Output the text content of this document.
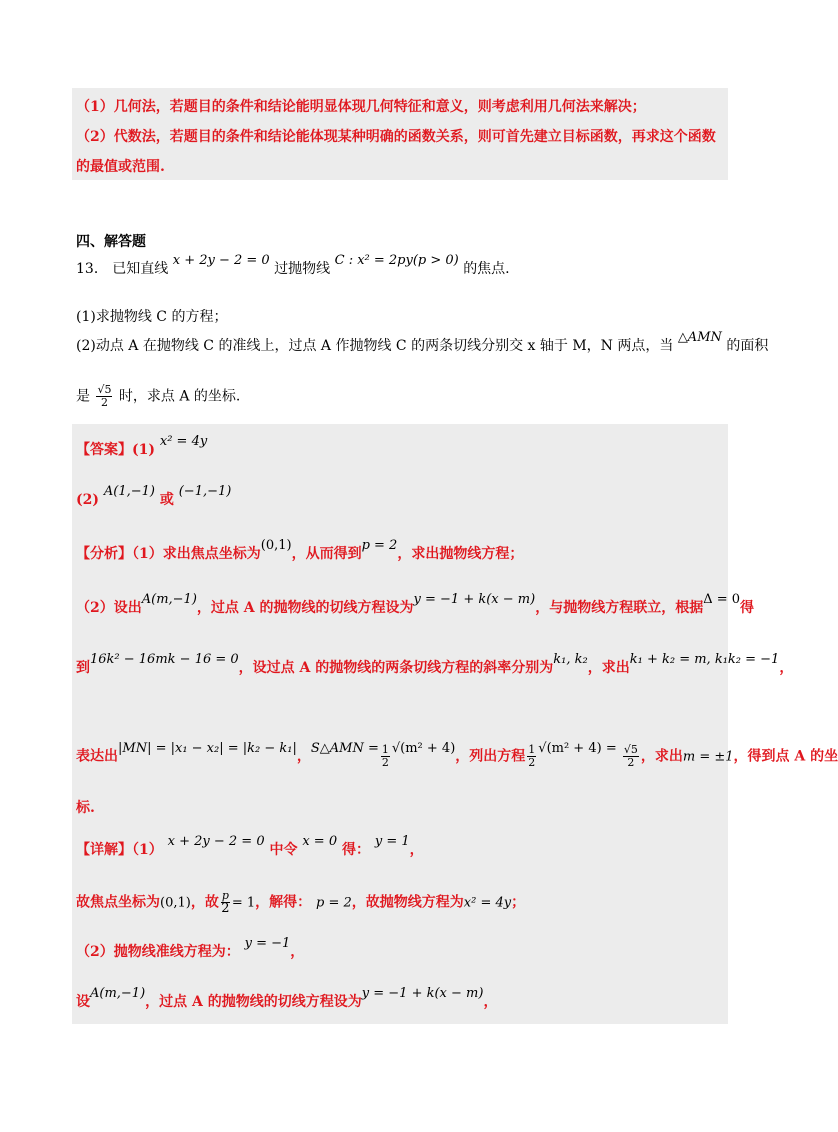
（1）几何法，若题目的条件和结论能明显体现几何特征和意义，则考虑利用几何法来解决；
（2）代数法，若题目的条件和结论能体现某种明确的函数关系，则可首先建立目标函数，再求这个函数
的最值或范围.
四、解答题
13． 已知直线 x + 2y − 2 = 0 过抛物线 C : x² = 2py(p > 0) 的焦点.
(1)求抛物线 C 的方程；
(2)动点 A 在抛物线 C 的准线上，过点 A 作抛物线 C 的两条切线分别交 x 轴于 M，N 两点，当 △AMN 的面积
是 $\frac{√5}{2}$ 时，求点 A 的坐标.
【答案】(1) x² = 4y
(2) A(1,−1) 或 (−1,−1)
【分析】（1）求出焦点坐标为(0,1)，从而得到p = 2，求出抛物线方程；
（2）设出A(m,−1)，过点 A 的抛物线的切线方程设为y = −1 + k(x − m)，与抛物线方程联立，根据Δ = 0得
到16k² − 16mk − 16 = 0，设过点 A 的抛物线的两条切线方程的斜率分别为k₁, k₂，求出k₁ + k₂ = m, k₁k₂ = −1，
表达出|MN| = |x₁ − x₂| = |k₂ − k₁|，S△AMN = $\frac{1}{2} √(m^2 + 4)$，列出方程 $\frac{1}{2} √(m^2 + 4) = \frac{√5}{2}$ ，求出m = ±1，得到点 A 的坐
标.
【详解】（1） x + 2y − 2 = 0 中令 x = 0 得： y = 1，
故焦点坐标为(0,1)，故 $\frac{p}{2} = 1$，解得： p = 2，故抛物线方程为x² = 4y；
（2）抛物线准线方程为： y = −1，
设A(m,−1)，过点 A 的抛物线的切线方程设为y = −1 + k(x − m)，
